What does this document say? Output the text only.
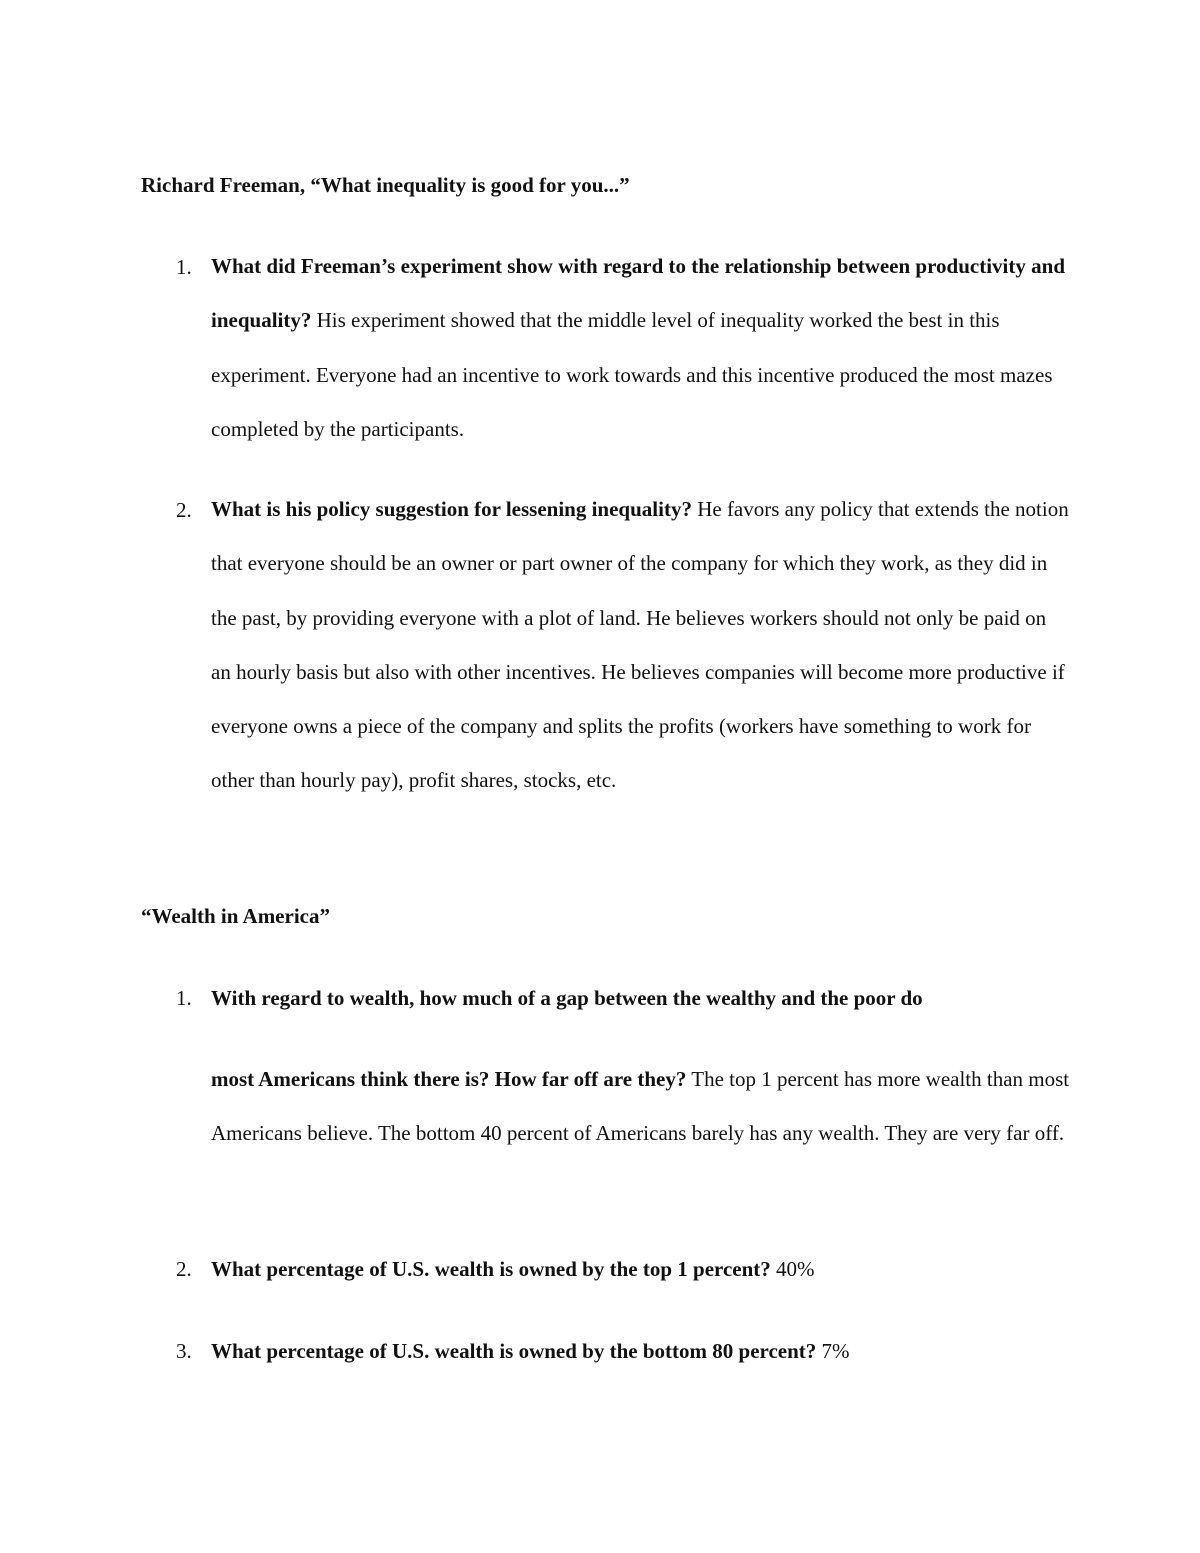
Richard Freeman, “What inequality is good for you...”
1. What did Freeman’s experiment show with regard to the relationship between productivity and inequality? His experiment showed that the middle level of inequality worked the best in this experiment. Everyone had an incentive to work towards and this incentive produced the most mazes completed by the participants.
2. What is his policy suggestion for lessening inequality? He favors any policy that extends the notion that everyone should be an owner or part owner of the company for which they work, as they did in the past, by providing everyone with a plot of land. He believes workers should not only be paid on an hourly basis but also with other incentives. He believes companies will become more productive if everyone owns a piece of the company and splits the profits (workers have something to work for other than hourly pay), profit shares, stocks, etc.
“Wealth in America”
1. With regard to wealth, how much of a gap between the wealthy and the poor do
most Americans think there is? How far off are they? The top 1 percent has more wealth than most Americans believe. The bottom 40 percent of Americans barely has any wealth. They are very far off.
2. What percentage of U.S. wealth is owned by the top 1 percent? 40%
3. What percentage of U.S. wealth is owned by the bottom 80 percent? 7%
